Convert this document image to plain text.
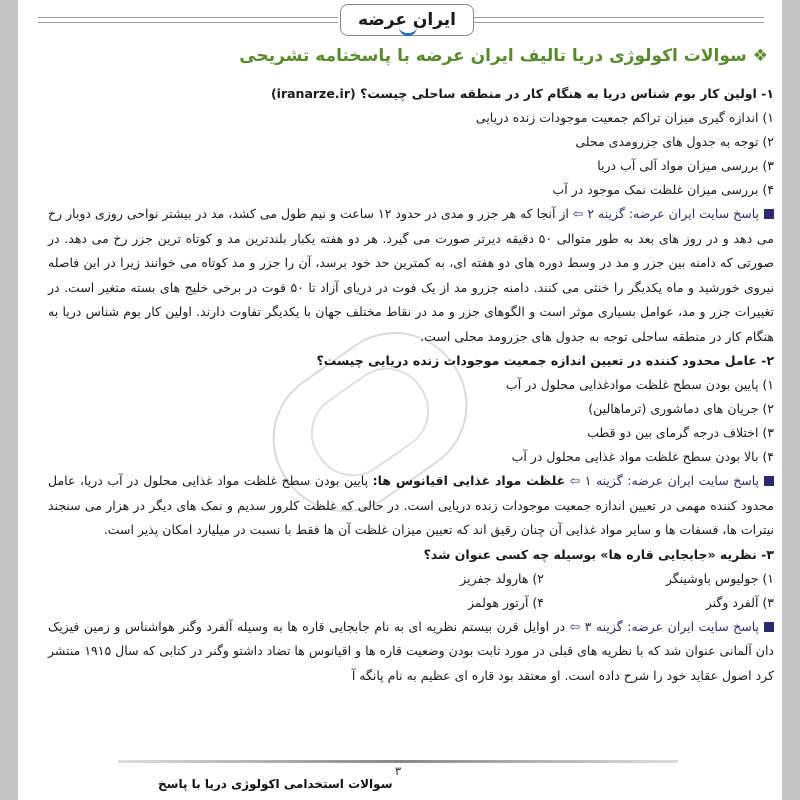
ایران عرضه
❖سوالات اکولوژی دریا تالیف ایران عرضه با پاسخنامه تشریحی

۱- اولین کار بوم شناس دریا به هنگام کار در منطقه ساحلی چیست؟ (iranarze.ir)

۱) اندازه گیری میزان تراکم جمعیت موجودات زنده دریایی

۲) توجه به جدول های جزرومدی محلی

۳) بررسی میزان مواد آلی آب دریا

۴) بررسی میزان غلظت نمک موجود در آب

پاسخ سایت ایران عرضه: گزینه ۲ ⇦ از آنجا که هر جزر و مدی در حدود ۱۲ ساعت و نیم طول می کشد، مد در بیشتر نواحی روزی دوبار رخ می دهد و در روز های بعد به طور متوالی ۵۰ دقیقه دیرتر صورت می گیرد. هر دو هفته یکبار بلندترین مد و کوتاه ترین جزر رخ می دهد. در صورتی که دامنه بین جزر و مد در وسط دوره های دو هفته ای، به کمترین حد خود برسد، آن را جزر و مد کوتاه می خوانند زیرا در این فاصله نیروی خورشید و ماه یکدیگر را خنثی می کنند. دامنه جزرو مد از یک فوت در دریای آزاد تا ۵۰ فوت در برخی خلیج های بسته متغیر است. در تغییرات جزر و مد، عوامل بسیاری موثر است و الگوهای جزر و مد در نقاط مختلف جهان با یکدیگر تفاوت دارند. اولین کار بوم شناس دریا به هنگام کار در منطقه ساحلی توجه به جدول های جزرومد محلی است.

۲- عامل محدود کننده در تعیین اندازه جمعیت موجودات زنده دریایی چیست؟

۱) پایین بودن سطح غلظت موادغذایی محلول در آب

۲) جریان های دماشوری (ترماهالین)

۳) اختلاف درجه گرمای بین دو قطب

۴) بالا بودن سطح غلظت مواد غذایی محلول در آب

پاسخ سایت ایران عرضه: گزینه ۱ ⇦ غلظت مواد غذایی اقیانوس ها: پایین بودن سطح غلظت مواد غذایی محلول در آب دریا، عامل محدود کننده مهمی در تعیین اندازه جمعیت موجودات زنده دریایی است. در حالی که غلظت کلرور سدیم و نمک های دیگر در هزار می سنجند نیترات ها، فسفات ها و سایر مواد غذایی آن چنان رقیق اند که تعیین میزان غلظت آن ها فقط با نسبت در میلیارد امکان پذیر است.

۳- نظریه «جابجایی قاره ها» بوسیله چه کسی عنوان شد؟

۱) جولیوس باوشینگر
۲) هارولد جفریز
۳) آلفرد وگنر
۴) آرتور هولمز

پاسخ سایت ایران عرضه: گزینه ۳ ⇦ در اوایل قرن بیستم نظریه ای به نام جابجایی قاره ها به وسیله آلفرد وگنر هواشناس و زمین فیزیک دان آلمانی عنوان شد که با نظریه های قبلی در مورد ثابت بودن وضعیت قاره ها و اقیانوس ها تضاد داشتو وگنر در کتابی که سال ۱۹۱۵ منتشر کرد اصول عقاید خود را شرح داده است. او معتقد بود قاره ای عظیم به نام پانگه آ

۳
سوالات استخدامی اکولوژی دریا با پاسخ
